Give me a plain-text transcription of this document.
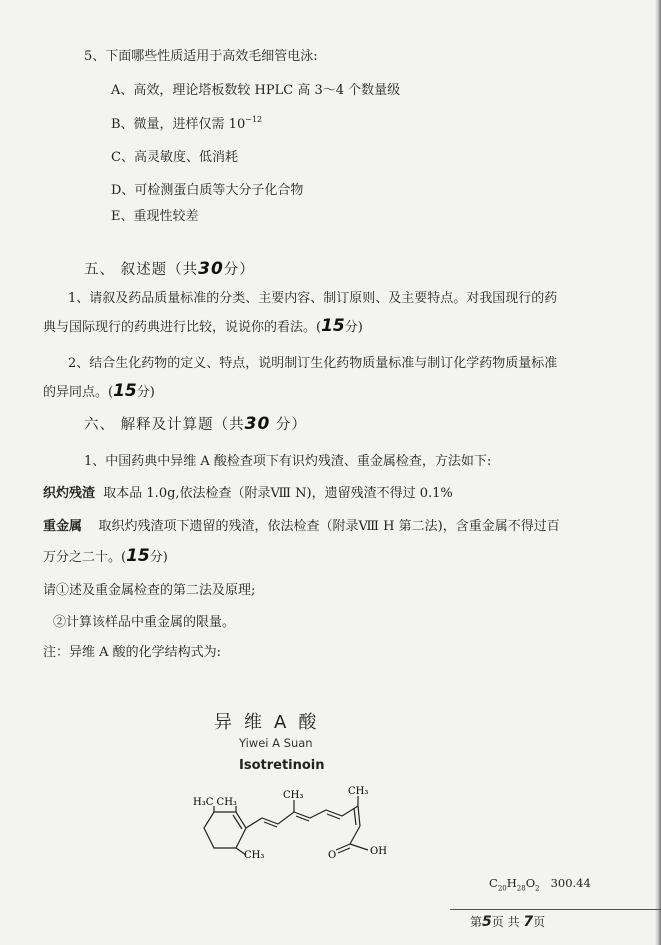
5、下面哪些性质适用于高效毛细管电泳:
A、高效，理论塔板数较 HPLC 高 3～4 个数量级
B、微量，进样仅需 $10^{-12}$
C、高灵敏度、低消耗
D、可检测蛋白质等大分子化合物
E、重现性较差
五、 叙述题（共30分）
1、请叙及药品质量标准的分类、主要内容、制订原则、及主要特点。对我国现行的药
典与国际现行的药典进行比较，说说你的看法。(15分)
2、结合生化药物的定义、特点，说明制订生化药物质量标准与制订化学药物质量标准
的异同点。(15分)
六、 解释及计算题（共30 分）
1、中国药典中异维 A 酸检查项下有识灼残渣、重金属检查，方法如下:
织灼残渣 取本品 1.0g,依法检查（附录Ⅷ N)，遗留残渣不得过 0.1%
重金属 取织灼残渣项下遗留的残渣，依法检查（附录Ⅷ H 第二法)，含重金属不得过百
万分之二十。(15分)
请①述及重金属检查的第二法及原理;
②计算该样品中重金属的限量。
注：异维 A 酸的化学结构式为:
异维A酸
Yiwei A Suan
Isotretinoin
H₃C CH₃
CH₃	CH₃
CH₃	O	OH
$C_{20}H_{28}O_2$ 300.44
第5页 共 7页
